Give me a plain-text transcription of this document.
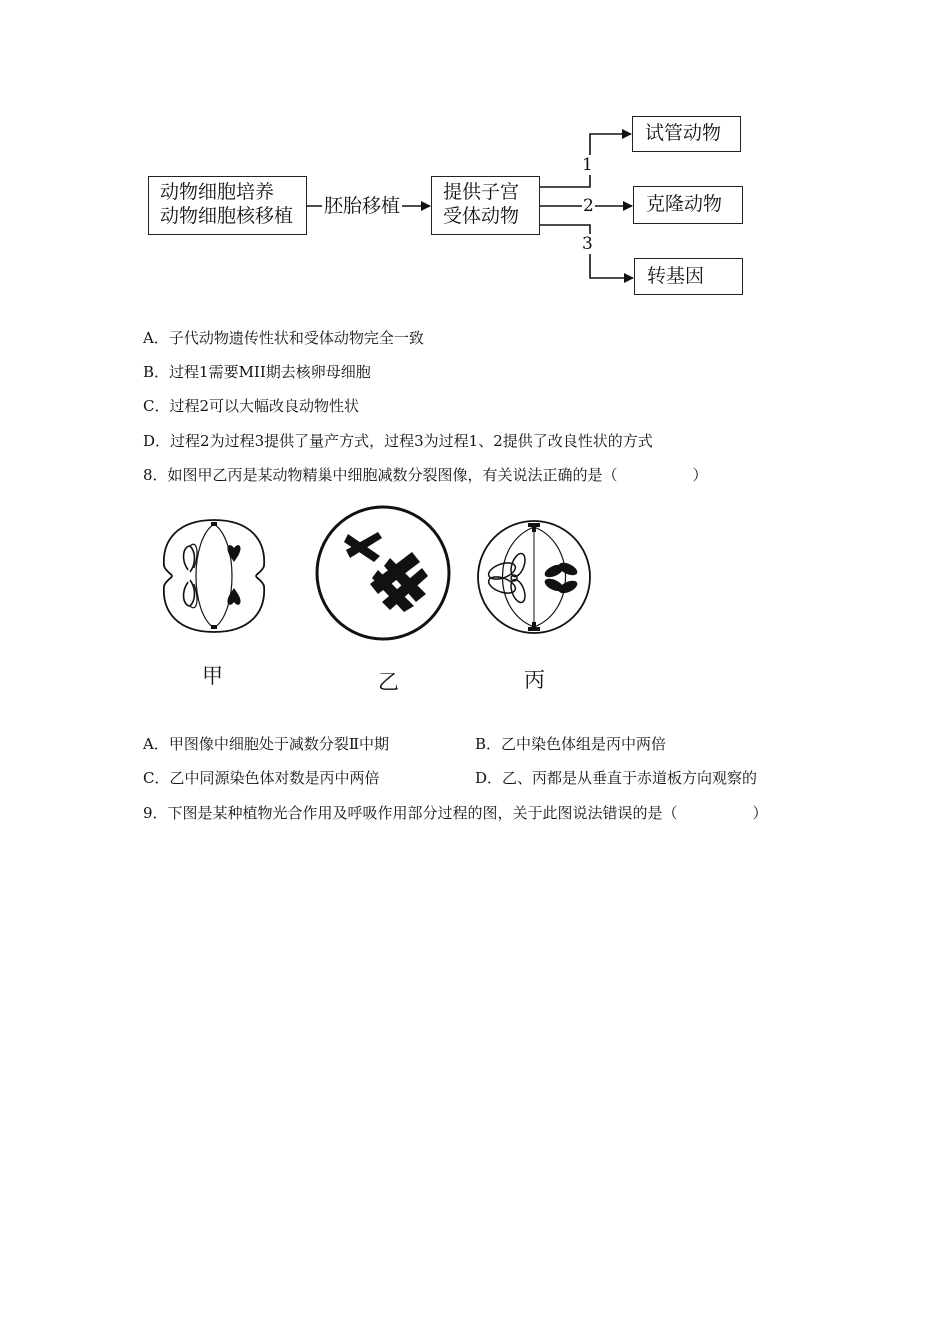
动物细胞培养
动物细胞核移植	胚胎移植
提供子宫
受体动物
1
2
3
试管动物
克隆动物
转基因
A．子代动物遗传性状和受体动物完全一致
B．过程1需要MII期去核卵母细胞
C．过程2可以大幅改良动物性状
D．过程2为过程3提供了量产方式，过程3为过程1、2提供了改良性状的方式
8．如图甲乙丙是某动物精巢中细胞减数分裂图像，有关说法正确的是（　　　　　）
甲	乙	丙
A．甲图像中细胞处于减数分裂Ⅱ中期	B．乙中染色体组是丙中两倍
C．乙中同源染色体对数是丙中两倍	D．乙、丙都是从垂直于赤道板方向观察的
9．下图是某种植物光合作用及呼吸作用部分过程的图，关于此图说法错误的是（　　　　　）
